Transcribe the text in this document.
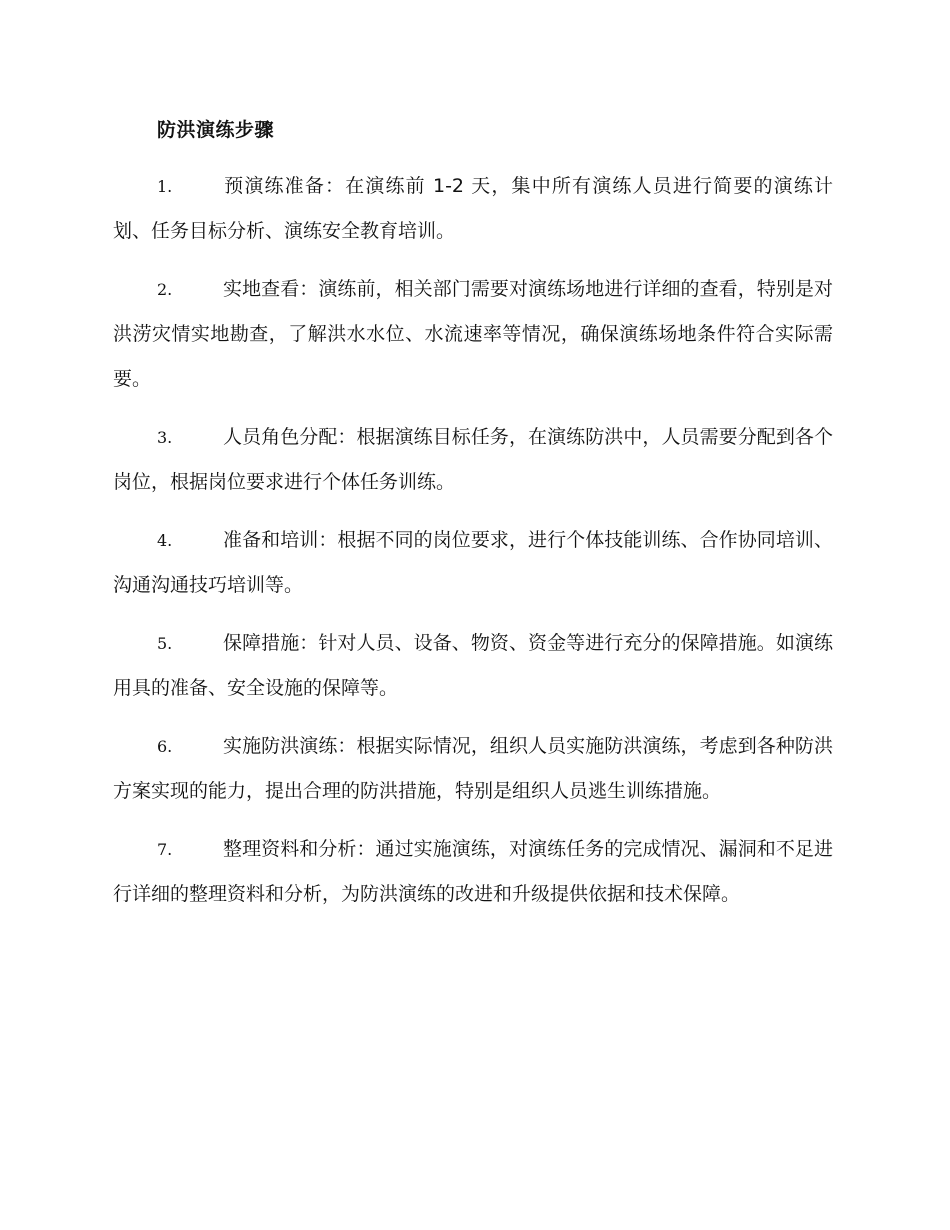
防洪演练步骤
1.	预演练准备：在演练前 1-2 天，集中所有演练人员进行简要的演练计划、任务目标分析、演练安全教育培训。
2.	实地查看：演练前，相关部门需要对演练场地进行详细的查看，特别是对洪涝灾情实地勘查，了解洪水水位、水流速率等情况，确保演练场地条件符合实际需要。
3.	人员角色分配：根据演练目标任务，在演练防洪中，人员需要分配到各个岗位，根据岗位要求进行个体任务训练。
4.	准备和培训：根据不同的岗位要求，进行个体技能训练、合作协同培训、沟通沟通技巧培训等。
5.	保障措施：针对人员、设备、物资、资金等进行充分的保障措施。如演练用具的准备、安全设施的保障等。
6.	实施防洪演练：根据实际情况，组织人员实施防洪演练，考虑到各种防洪方案实现的能力，提出合理的防洪措施，特别是组织人员逃生训练措施。
7.	整理资料和分析：通过实施演练，对演练任务的完成情况、漏洞和不足进行详细的整理资料和分析，为防洪演练的改进和升级提供依据和技术保障。
